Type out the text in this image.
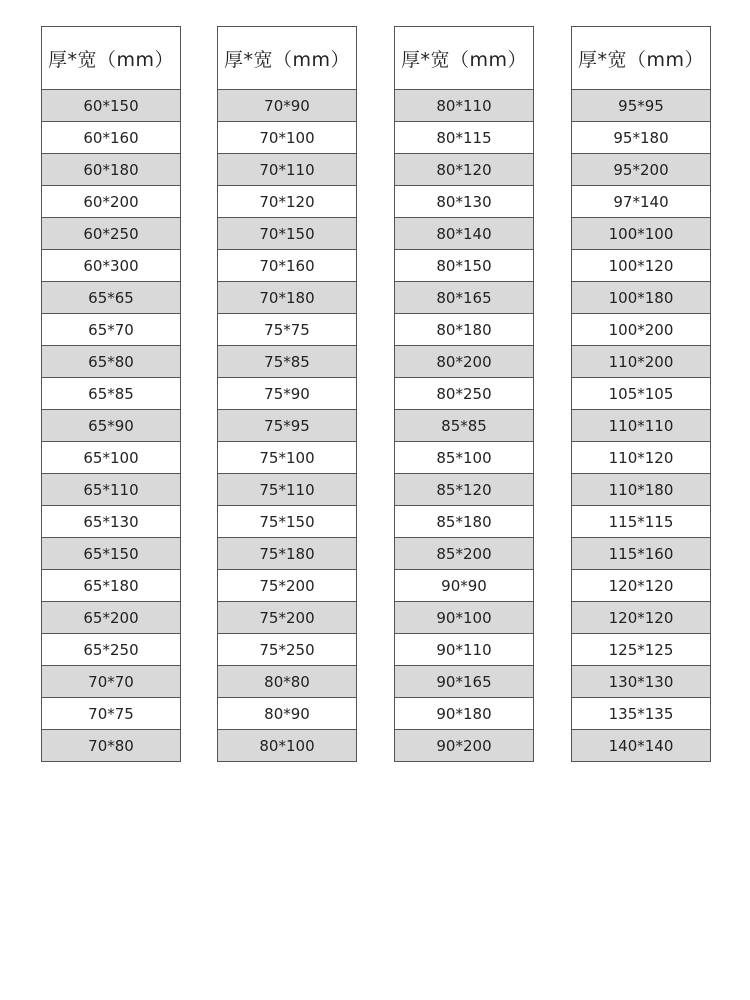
厚*宽（mm）
60*150
60*160
60*180
60*200
60*250
60*300
65*65
65*70
65*80
65*85
65*90
65*100
65*110
65*130
65*150
65*180
65*200
65*250
70*70
70*75
70*80
厚*宽（mm）
70*90
70*100
70*110
70*120
70*150
70*160
70*180
75*75
75*85
75*90
75*95
75*100
75*110
75*150
75*180
75*200
75*200
75*250
80*80
80*90
80*100
厚*宽（mm）
80*110
80*115
80*120
80*130
80*140
80*150
80*165
80*180
80*200
80*250
85*85
85*100
85*120
85*180
85*200
90*90
90*100
90*110
90*165
90*180
90*200
厚*宽（mm）
95*95
95*180
95*200
97*140
100*100
100*120
100*180
100*200
110*200
105*105
110*110
110*120
110*180
115*115
115*160
120*120
120*120
125*125
130*130
135*135
140*140
